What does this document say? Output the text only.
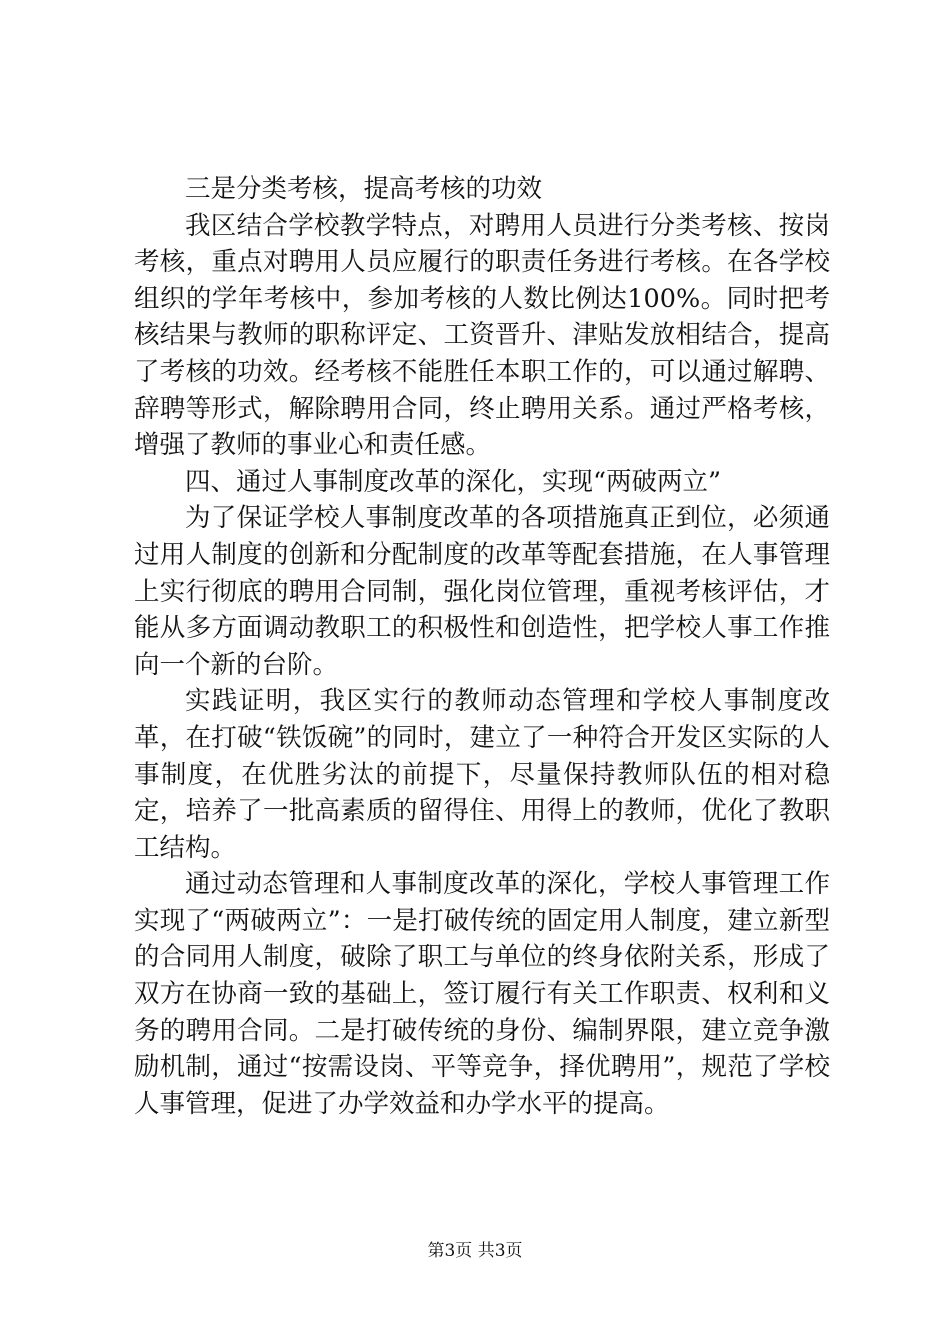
三是分类考核，提高考核的功效

我区结合学校教学特点，对聘用人员进行分类考核、按岗考核，重点对聘用人员应履行的职责任务进行考核。在各学校组织的学年考核中，参加考核的人数比例达100%。同时把考核结果与教师的职称评定、工资晋升、津贴发放相结合，提高了考核的功效。经考核不能胜任本职工作的，可以通过解聘、辞聘等形式，解除聘用合同，终止聘用关系。通过严格考核，增强了教师的事业心和责任感。

四、通过人事制度改革的深化，实现“两破两立”

为了保证学校人事制度改革的各项措施真正到位，必须通过用人制度的创新和分配制度的改革等配套措施，在人事管理上实行彻底的聘用合同制，强化岗位管理，重视考核评估，才能从多方面调动教职工的积极性和创造性，把学校人事工作推向一个新的台阶。

实践证明，我区实行的教师动态管理和学校人事制度改革，在打破“铁饭碗”的同时，建立了一种符合开发区实际的人事制度，在优胜劣汰的前提下，尽量保持教师队伍的相对稳定，培养了一批高素质的留得住、用得上的教师，优化了教职工结构。

通过动态管理和人事制度改革的深化，学校人事管理工作实现了“两破两立”：一是打破传统的固定用人制度，建立新型的合同用人制度，破除了职工与单位的终身依附关系，形成了双方在协商一致的基础上，签订履行有关工作职责、权利和义务的聘用合同。二是打破传统的身份、编制界限，建立竞争激励机制，通过“按需设岗、平等竞争，择优聘用”，规范了学校人事管理，促进了办学效益和办学水平的提高。

第3页 共3页
